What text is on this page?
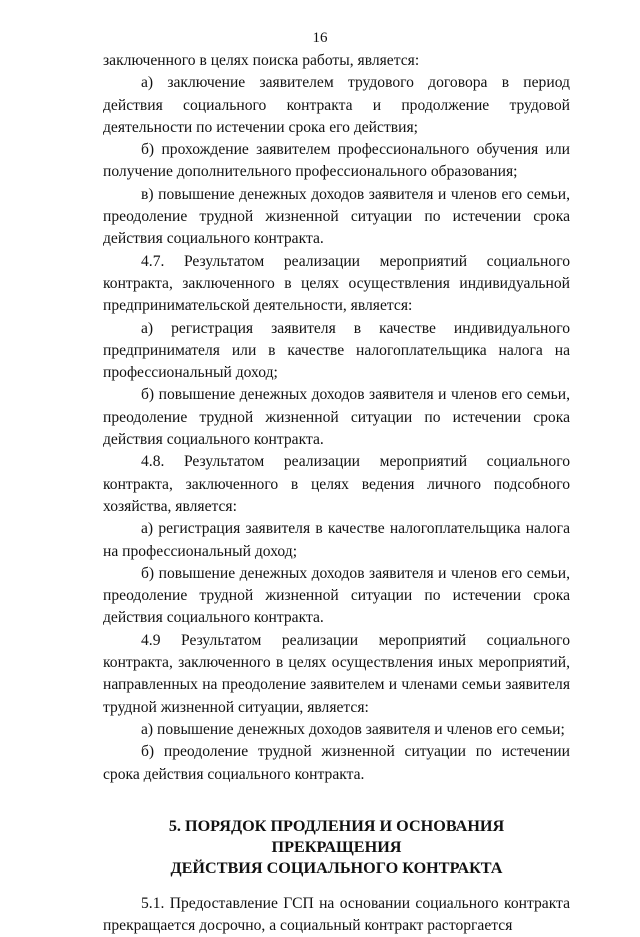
16

заключенного в целях поиска работы, является:

а) заключение заявителем трудового договора в период действия социального контракта и продолжение трудовой деятельности по истечении срока его действия;

б) прохождение заявителем профессионального обучения или получение дополнительного профессионального образования;

в) повышение денежных доходов заявителя и членов его семьи, преодоление трудной жизненной ситуации по истечении срока действия социального контракта.

4.7. Результатом реализации мероприятий социального контракта, заключенного в целях осуществления индивидуальной предпринимательской деятельности, является:

а) регистрация заявителя в качестве индивидуального предпринимателя или в качестве налогоплательщика налога на профессиональный доход;

б) повышение денежных доходов заявителя и членов его семьи, преодоление трудной жизненной ситуации по истечении срока действия социального контракта.

4.8. Результатом реализации мероприятий социального контракта, заключенного в целях ведения личного подсобного хозяйства, является:

а) регистрация заявителя в качестве налогоплательщика налога на профессиональный доход;

б) повышение денежных доходов заявителя и членов его семьи, преодоление трудной жизненной ситуации по истечении срока действия социального контракта.

4.9 Результатом реализации мероприятий социального контракта, заключенного в целях осуществления иных мероприятий, направленных на преодоление заявителем и членами семьи заявителя трудной жизненной ситуации, является:

а) повышение денежных доходов заявителя и членов его семьи;

б) преодоление трудной жизненной ситуации по истечении срока действия социального контракта.

5. ПОРЯДОК ПРОДЛЕНИЯ И ОСНОВАНИЯ ПРЕКРАЩЕНИЯ
ДЕЙСТВИЯ СОЦИАЛЬНОГО КОНТРАКТА

5.1. Предоставление ГСП на основании социального контракта прекращается досрочно, а социальный контракт расторгается
